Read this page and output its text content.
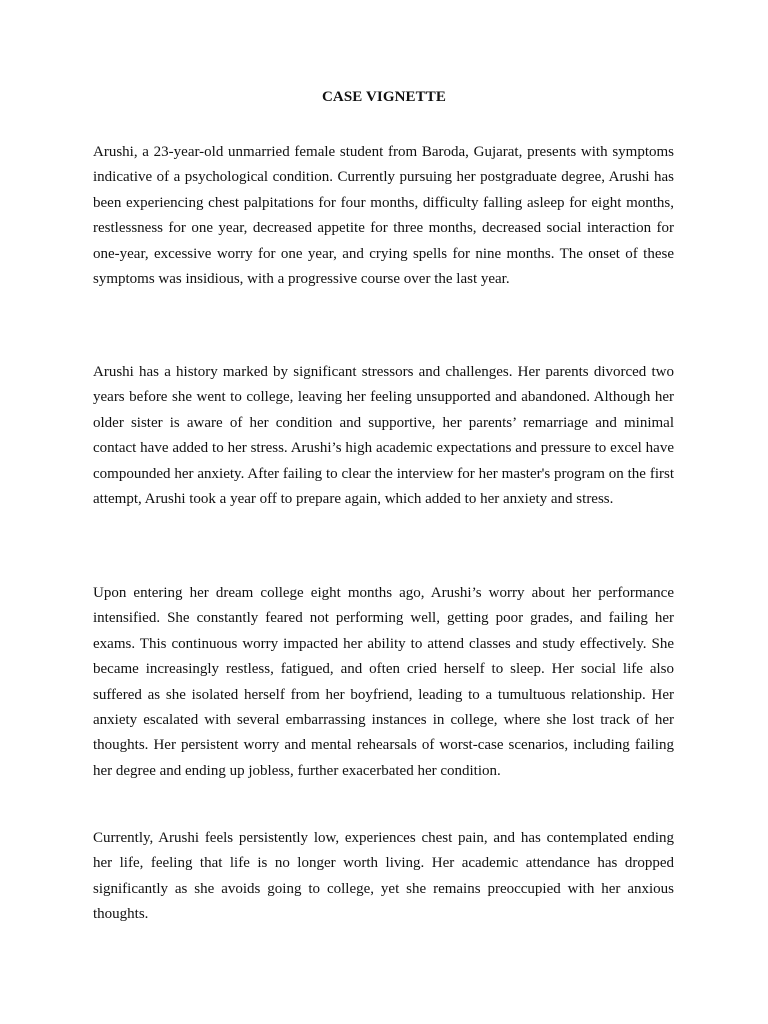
CASE VIGNETTE

Arushi, a 23-year-old unmarried female student from Baroda, Gujarat, presents with symptoms indicative of a psychological condition. Currently pursuing her postgraduate degree, Arushi has been experiencing chest palpitations for four months, difficulty falling asleep for eight months, restlessness for one year, decreased appetite for three months, decreased social interaction for one-year, excessive worry for one year, and crying spells for nine months. The onset of these symptoms was insidious, with a progressive course over the last year.

Arushi has a history marked by significant stressors and challenges. Her parents divorced two years before she went to college, leaving her feeling unsupported and abandoned. Although her older sister is aware of her condition and supportive, her parents’ remarriage and minimal contact have added to her stress. Arushi’s high academic expectations and pressure to excel have compounded her anxiety. After failing to clear the interview for her master's program on the first attempt, Arushi took a year off to prepare again, which added to her anxiety and stress.

Upon entering her dream college eight months ago, Arushi’s worry about her performance intensified. She constantly feared not performing well, getting poor grades, and failing her exams. This continuous worry impacted her ability to attend classes and study effectively. She became increasingly restless, fatigued, and often cried herself to sleep. Her social life also suffered as she isolated herself from her boyfriend, leading to a tumultuous relationship. Her anxiety escalated with several embarrassing instances in college, where she lost track of her thoughts. Her persistent worry and mental rehearsals of worst-case scenarios, including failing her degree and ending up jobless, further exacerbated her condition.

Currently, Arushi feels persistently low, experiences chest pain, and has contemplated ending her life, feeling that life is no longer worth living. Her academic attendance has dropped significantly as she avoids going to college, yet she remains preoccupied with her anxious thoughts.
